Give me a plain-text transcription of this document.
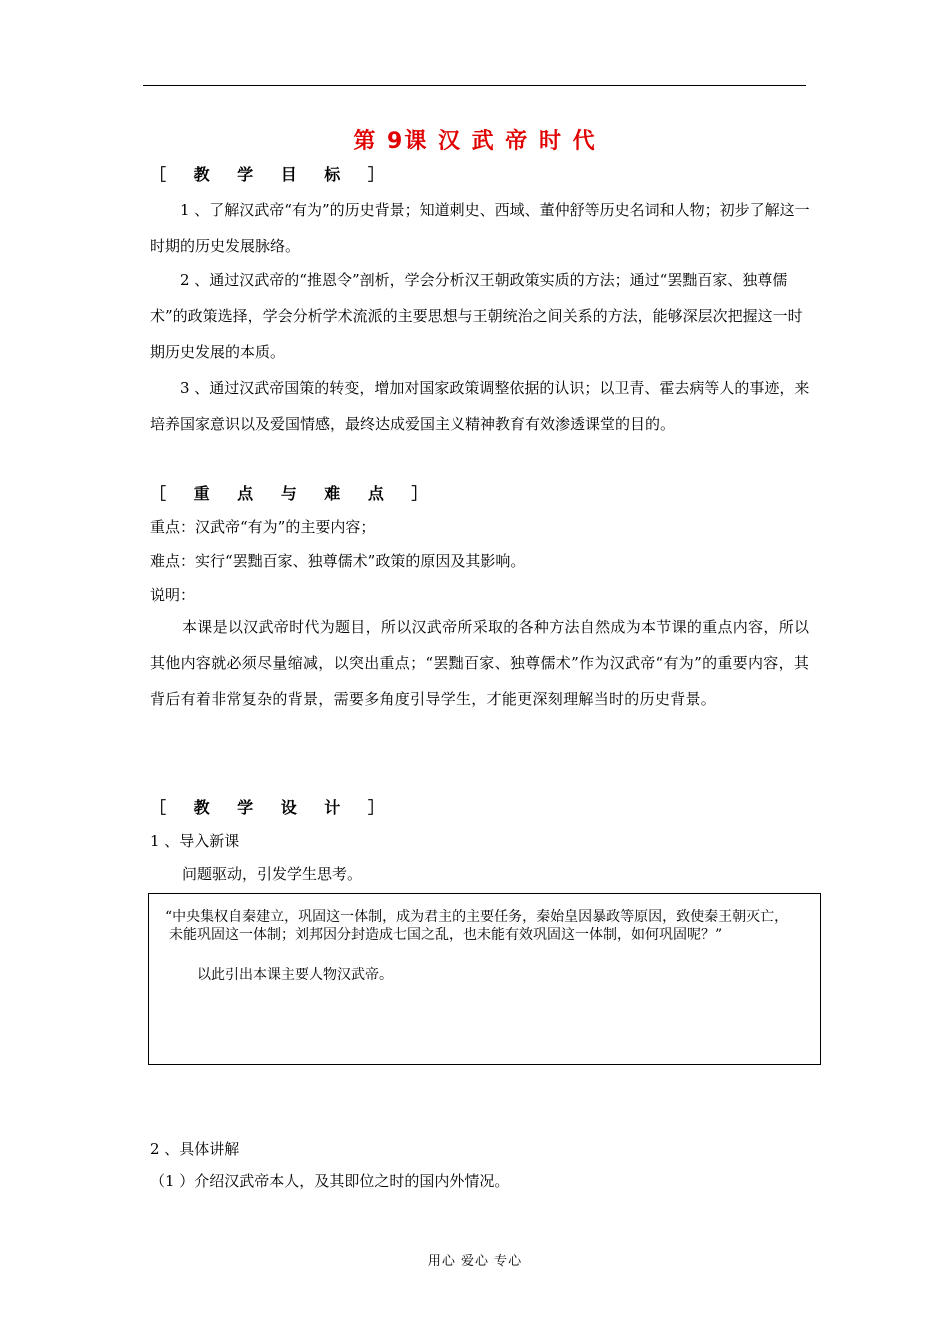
第 9课 汉 武 帝 时 代
［ 教 学 目 标 ］
1 、了解汉武帝“有为”的历史背景；知道刺史、西域、董仲舒等历史名词和人物；初步了解这一时期的历史发展脉络。
2 、通过汉武帝的“推恩令”剖析，学会分析汉王朝政策实质的方法；通过“罢黜百家、独尊儒术”的政策选择，学会分析学术流派的主要思想与王朝统治之间关系的方法，能够深层次把握这一时期历史发展的本质。
3 、通过汉武帝国策的转变，增加对国家政策调整依据的认识；以卫青、霍去病等人的事迹，来培养国家意识以及爱国情感，最终达成爱国主义精神教育有效渗透课堂的目的。
［ 重 点 与 难 点 ］
重点：汉武帝“有为”的主要内容；
难点：实行“罢黜百家、独尊儒术”政策的原因及其影响。
说明：
本课是以汉武帝时代为题目，所以汉武帝所采取的各种方法自然成为本节课的重点内容，所以其他内容就必须尽量缩减，以突出重点；“罢黜百家、独尊儒术”作为汉武帝“有为”的重要内容，其背后有着非常复杂的背景，需要多角度引导学生，才能更深刻理解当时的历史背景。
［ 教 学 设 计 ］
1 、导入新课
问题驱动，引发学生思考。
“中央集权自秦建立，巩固这一体制，成为君主的主要任务，秦始皇因暴政等原因，致使秦王朝灭亡，未能巩固这一体制；刘邦因分封造成七国之乱，也未能有效巩固这一体制，如何巩固呢？”
以此引出本课主要人物汉武帝。
2 、具体讲解
（1 ）介绍汉武帝本人，及其即位之时的国内外情况。
用心 爱心 专心
